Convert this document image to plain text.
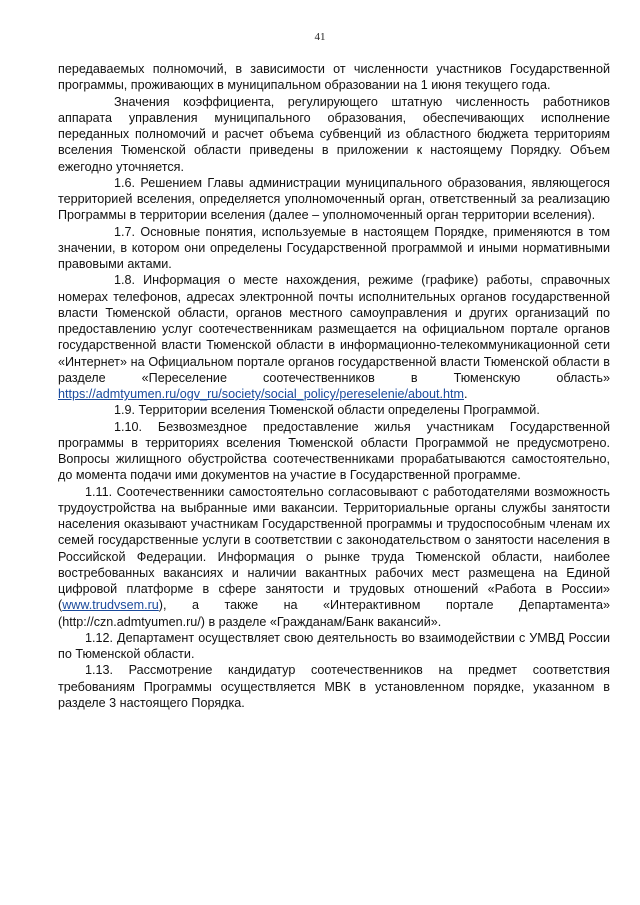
41

передаваемых полномочий, в зависимости от численности участников Государственной программы, проживающих в муниципальном образовании на 1 июня текущего года.

Значения коэффициента, регулирующего штатную численность работников аппарата управления муниципального образования, обеспечивающих исполнение переданных полномочий и расчет объема субвенций из областного бюджета территориям вселения Тюменской области приведены в приложении к настоящему Порядку. Объем ежегодно уточняется.

1.6. Решением Главы администрации муниципального образования, являющегося территорией вселения, определяется уполномоченный орган, ответственный за реализацию Программы в территории вселения (далее – уполномоченный орган территории вселения).

1.7. Основные понятия, используемые в настоящем Порядке, применяются в том значении, в котором они определены Государственной программой и иными нормативными правовыми актами.

1.8. Информация о месте нахождения, режиме (графике) работы, справочных номерах телефонов, адресах электронной почты исполнительных органов государственной власти Тюменской области, органов местного самоуправления и других организаций по предоставлению услуг соотечественникам размещается на официальном портале органов государственной власти Тюменской области в информационно-телекоммуникационной сети «Интернет» на Официальном портале органов государственной власти Тюменской области в разделе «Переселение соотечественников в Тюменскую область» https://admtyumen.ru/ogv_ru/society/social_policy/pereselenie/about.htm.

1.9. Территории вселения Тюменской области определены Программой.

1.10. Безвозмездное предоставление жилья участникам Государственной программы в территориях вселения Тюменской области Программой не предусмотрено. Вопросы жилищного обустройства соотечественниками прорабатываются самостоятельно, до момента подачи ими документов на участие в Государственной программе.

1.11. Соотечественники самостоятельно согласовывают с работодателями возможность трудоустройства на выбранные ими вакансии. Территориальные органы службы занятости населения оказывают участникам Государственной программы и трудоспособным членам их семей государственные услуги в соответствии с законодательством о занятости населения в Российской Федерации. Информация о рынке труда Тюменской области, наиболее востребованных вакансиях и наличии вакантных рабочих мест размещена на Единой цифровой платформе в сфере занятости и трудовых отношений «Работа в России» (www.trudvsem.ru), а также на «Интерактивном портале Департамента» (http://czn.admtyumen.ru/) в разделе «Гражданам/Банк вакансий».

1.12. Департамент осуществляет свою деятельность во взаимодействии с УМВД России по Тюменской области.

1.13. Рассмотрение кандидатур соотечественников на предмет соответствия требованиям Программы осуществляется МВК в установленном порядке, указанном в разделе 3 настоящего Порядка.
